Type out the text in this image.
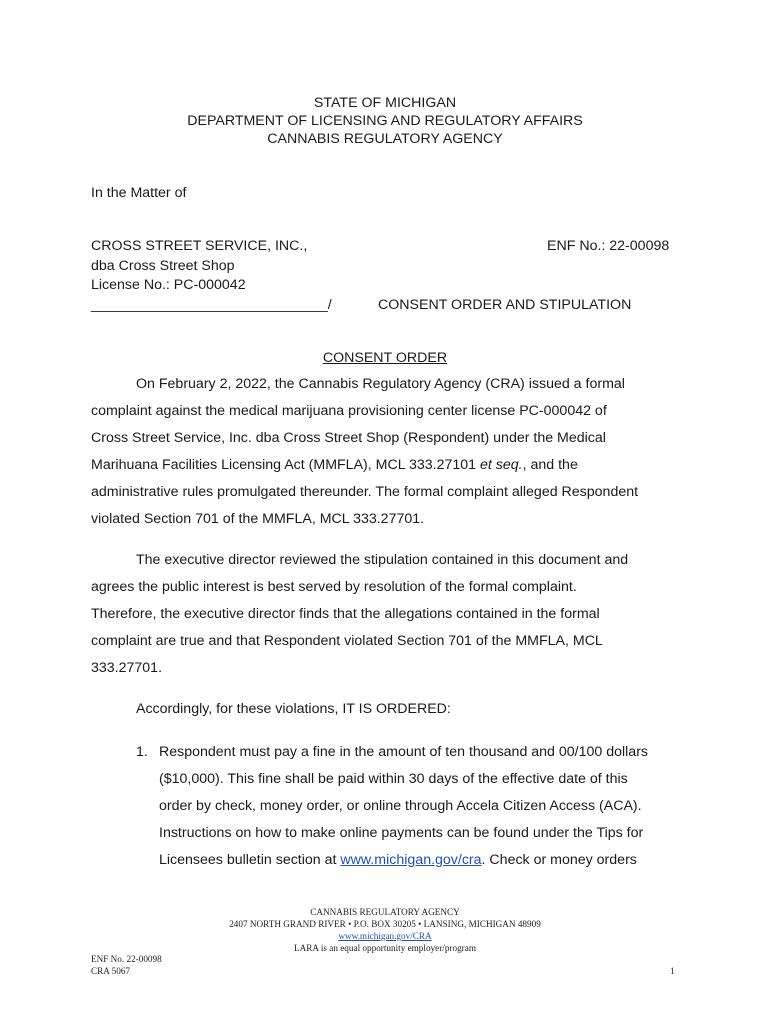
STATE OF MICHIGAN
DEPARTMENT OF LICENSING AND REGULATORY AFFAIRS
CANNABIS REGULATORY AGENCY
In the Matter of
CROSS STREET SERVICE, INC.,	ENF No.: 22-00098
dba Cross Street Shop
License No.: PC-000042
______________________________/	CONSENT ORDER AND STIPULATION
CONSENT ORDER

On February 2, 2022, the Cannabis Regulatory Agency (CRA) issued a formal

complaint against the medical marijuana provisioning center license PC-000042 of

Cross Street Service, Inc. dba Cross Street Shop (Respondent) under the Medical

Marihuana Facilities Licensing Act (MMFLA), MCL 333.27101 et seq., and the

administrative rules promulgated thereunder. The formal complaint alleged Respondent

violated Section 701 of the MMFLA, MCL 333.27701.

The executive director reviewed the stipulation contained in this document and

agrees the public interest is best served by resolution of the formal complaint.

Therefore, the executive director finds that the allegations contained in the formal

complaint are true and that Respondent violated Section 701 of the MMFLA, MCL

333.27701.

Accordingly, for these violations, IT IS ORDERED:

1. Respondent must pay a fine in the amount of ten thousand and 00/100 dollars
($10,000). This fine shall be paid within 30 days of the effective date of this
order by check, money order, or online through Accela Citizen Access (ACA).
Instructions on how to make online payments can be found under the Tips for
Licensees bulletin section at www.michigan.gov/cra. Check or money orders
CANNABIS REGULATORY AGENCY
2407 NORTH GRAND RIVER • P.O. BOX 30205 • LANSING, MICHIGAN 48909
www.michigan.gov/CRA
LARA is an equal opportunity employer/program
ENF No. 22-00098
CRA 5067	1
